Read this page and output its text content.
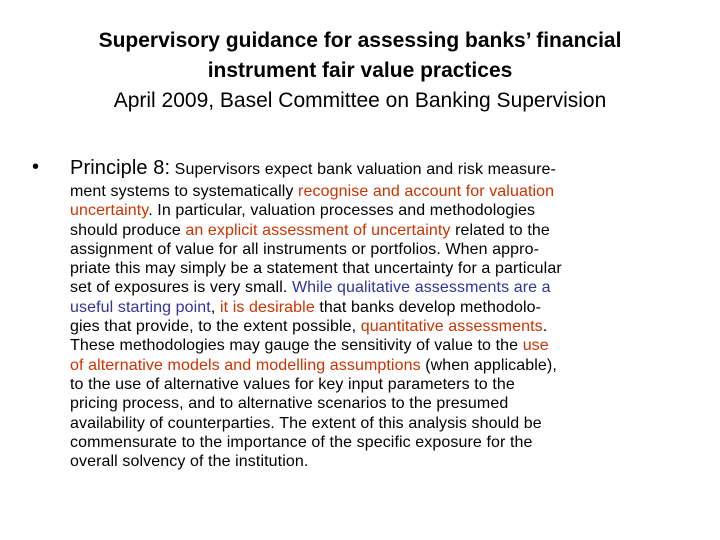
Supervisory guidance for assessing banks’ financial

instrument fair value practices

April 2009, Basel Committee on Banking Supervision

• Principle 8: Supervisors expect bank valuation and risk measure-
ment systems to systematically recognise and account for valuation
uncertainty. In particular, valuation processes and methodologies
should produce an explicit assessment of uncertainty related to the
assignment of value for all instruments or portfolios. When appro-
priate this may simply be a statement that uncertainty for a particular
set of exposures is very small. While qualitative assessments are a
useful starting point, it is desirable that banks develop methodolo-
gies that provide, to the extent possible, quantitative assessments.
These methodologies may gauge the sensitivity of value to the use
of alternative models and modelling assumptions (when applicable),
to the use of alternative values for key input parameters to the
pricing process, and to alternative scenarios to the presumed
availability of counterparties. The extent of this analysis should be
commensurate to the importance of the specific exposure for the
overall solvency of the institution.
